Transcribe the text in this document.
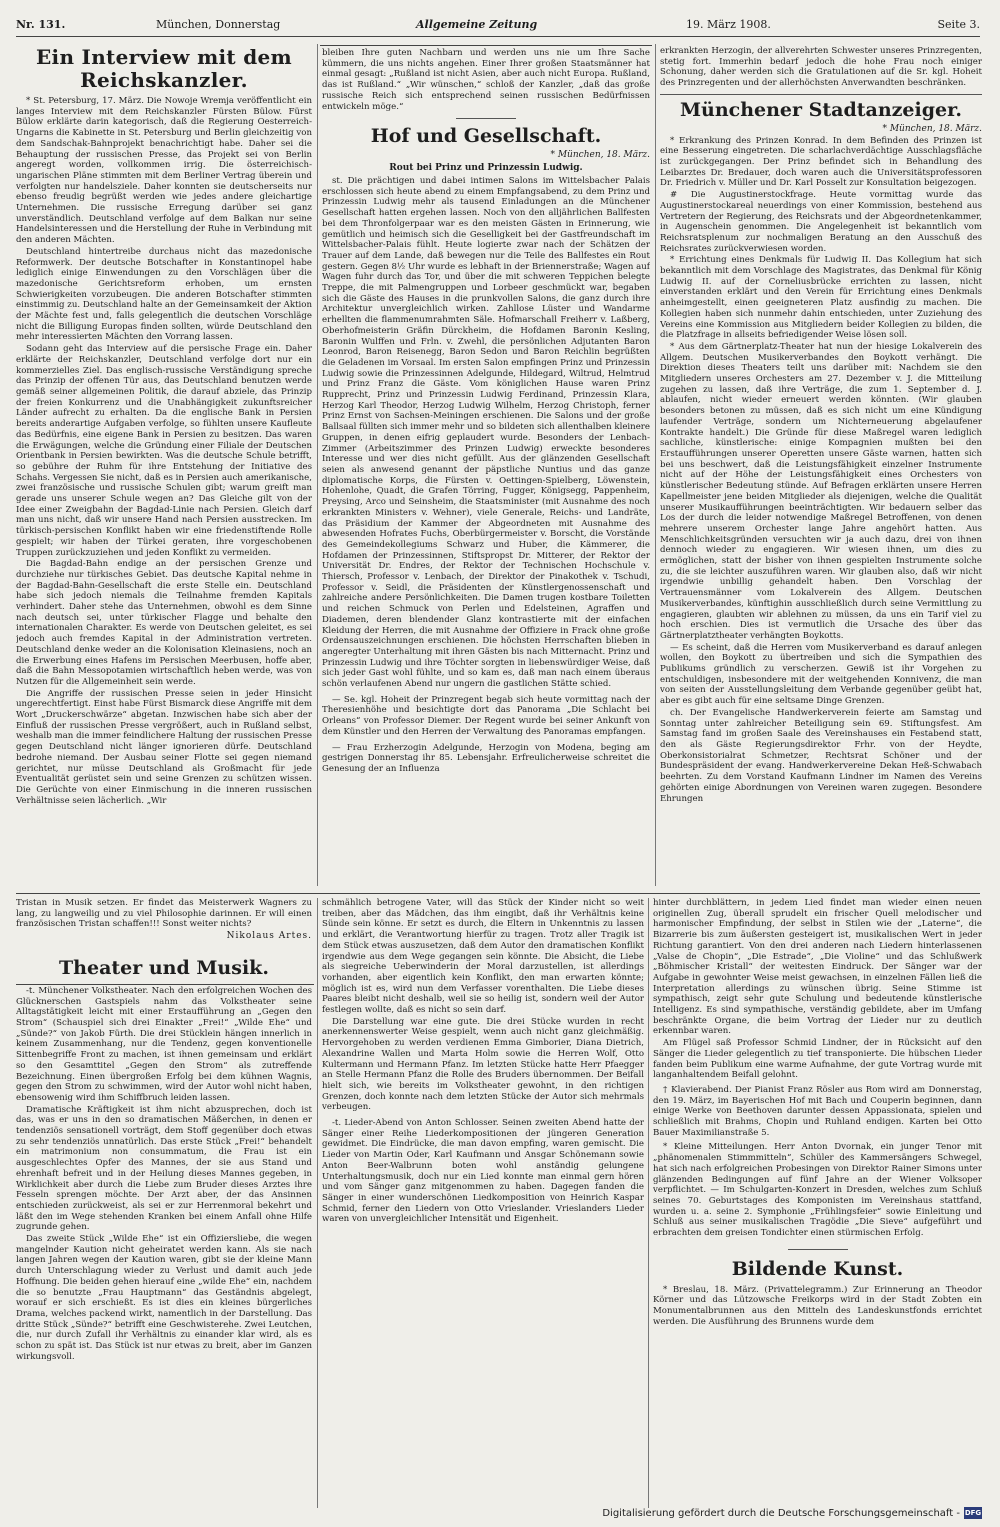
Nr. 131.	München, Donnerstag	Allgemeine Zeitung	19. März 1908.	Seite 3.
Ein Interview mit dem Reichskanzler.

* St. Petersburg, 17. März. Die Nowoje Wremja veröffentlicht ein langes Interview mit dem Reichskanzler Fürsten Bülow. Fürst Bülow erklärte darin kategorisch, daß die Regierung Oesterreich-Ungarns die Kabinette in St. Petersburg und Berlin gleichzeitig von dem Sandschak-Bahnprojekt benachrichtigt habe. Daher sei die Behauptung der russischen Presse, das Projekt sei von Berlin angeregt worden, vollkommen irrig. Die österreichisch-ungarischen Pläne stimmten mit dem Berliner Vertrag überein und verfolgten nur handelsziele. Daher konnten sie deutscherseits nur ebenso freudig begrüßt werden wie jedes andere gleichartige Unternehmen. Die russische Erregung darüber sei ganz unverständlich. Deutschland verfolge auf dem Balkan nur seine Handelsinteressen und die Herstellung der Ruhe in Verbindung mit den anderen Mächten.

Deutschland hintertreibe durchaus nicht das mazedonische Reformwerk. Der deutsche Botschafter in Konstantinopel habe lediglich einige Einwendungen zu den Vorschlägen über die mazedonische Gerichtsreform erhoben, um ernsten Schwierigkeiten vorzubeugen. Die anderen Botschafter stimmten einstimmig zu. Deutschland halte an der Gemeinsamkeit der Aktion der Mächte fest und, falls gelegentlich die deutschen Vorschläge nicht die Billigung Europas finden sollten, würde Deutschland den mehr interessierten Mächten den Vorrang lassen.

Sodann geht das Interview auf die persische Frage ein. Daher erklärte der Reichskanzler, Deutschland verfolge dort nur ein kommerzielles Ziel. Das englisch-russische Verständigung spreche das Prinzip der offenen Tür aus, das Deutschland benutzen werde gemäß seiner allgemeinen Politik, die darauf abziele, das Prinzip der freien Konkurrenz und die Unabhängigkeit zukunftsreicher Länder aufrecht zu erhalten. Da die englische Bank in Persien bereits anderartige Aufgaben verfolge, so fühlten unsere Kaufleute das Bedürfnis, eine eigene Bank in Persien zu besitzen. Das waren die Erwägungen, welche die Gründung einer Filiale der Deutschen Orientbank in Persien bewirkten. Was die deutsche Schule betrifft, so gebühre der Ruhm für ihre Entstehung der Initiative des Schahs. Vergessen Sie nicht, daß es in Persien auch amerikanische, zwei französische und russische Schulen gibt; warum greift man gerade uns unserer Schule wegen an? Das Gleiche gilt von der Idee einer Zweigbahn der Bagdad-Linie nach Persien. Gleich darf man uns nicht, daß wir unsere Hand nach Persien ausstrecken. Im türkisch-persischen Konflikt haben wir eine friedenstiftende Rolle gespielt; wir haben der Türkei geraten, ihre vorgeschobenen Truppen zurückzuziehen und jeden Konflikt zu vermeiden.

Die Bagdad-Bahn endige an der persischen Grenze und durchziehe nur türkisches Gebiet. Das deutsche Kapital nehme in der Bagdad-Bahn-Gesellschaft die erste Stelle ein. Deutschland habe sich jedoch niemals die Teilnahme fremden Kapitals verhindert. Daher stehe das Unternehmen, obwohl es dem Sinne nach deutsch sei, unter türkischer Flagge und behalte den internationalen Charakter. Es werde von Deutschen geleitet, es sei jedoch auch fremdes Kapital in der Administration vertreten. Deutschland denke weder an die Kolonisation Kleinasiens, noch an die Erwerbung eines Hafens im Persischen Meerbusen, hoffe aber, daß die Bahn Messopotamien wirtschaftlich heben werde, was von Nutzen für die Allgemeinheit sein werde.

Die Angriffe der russischen Presse seien in jeder Hinsicht ungerechtfertigt. Einst habe Fürst Bismarck diese Angriffe mit dem Wort „Druckerschwärze“ abgetan. Inzwischen habe sich aber der Einfluß der russischen Presse vergrößert, auch in Rußland selbst, weshalb man die immer feindlichere Haltung der russischen Presse gegen Deutschland nicht länger ignorieren dürfe. Deutschland bedrohe niemand. Der Ausbau seiner Flotte sei gegen niemand gerichtet, nur müsse Deutschland als Großmacht für jede Eventualität gerüstet sein und seine Grenzen zu schützen wissen. Die Gerüchte von einer Einmischung in die inneren russischen Verhältnisse seien lächerlich. „Wir

bleiben Ihre guten Nachbarn und werden uns nie um Ihre Sache kümmern, die uns nichts angehen. Einer Ihrer großen Staatsmänner hat einmal gesagt: „Rußland ist nicht Asien, aber auch nicht Europa. Rußland, das ist Rußland.“ „Wir wünschen,“ schloß der Kanzler, „daß das große russische Reich sich entsprechend seinen russischen Bedürfnissen entwickeln möge.“

Hof und Gesellschaft.
* München, 18. März.
Rout bei Prinz und Prinzessin Ludwig.

st. Die prächtigen und dabei intimen Salons im Wittelsbacher Palais erschlossen sich heute abend zu einem Empfangsabend, zu dem Prinz und Prinzessin Ludwig mehr als tausend Einladungen an die Münchener Gesellschaft hatten ergehen lassen. Noch von den alljährlichen Ballfesten bei dem Thronfolgerpaar war es den meisten Gästen in Erinnerung, wie gemütlich und heimisch sich die Geselligkeit bei der Gastfreundschaft im Wittelsbacher-Palais fühlt. Heute logierte zwar nach der Schätzen der Trauer auf dem Lande, daß bewegen nur die Teile des Ballfestes ein Rout gestern. Gegen 8½ Uhr wurde es lebhaft in der Briennerstraße; Wagen auf Wagen fuhr durch das Tor, und über die mit schweren Teppichen belegte Treppe, die mit Palmengruppen und Lorbeer geschmückt war, begaben sich die Gäste des Hauses in die prunkvollen Salons, die ganz durch ihre Architektur unvergleichlich wirken. Zahllose Lüster und Wandarme erhellten die flammenumrahmten Säle. Hofmarschall Freiherr v. Laßberg, Oberhofmeisterin Gräfin Dürckheim, die Hofdamen Baronin Kesling, Baronin Wulffen und Frln. v. Zwehl, die persönlichen Adjutanten Baron Leonrod, Baron Reisenegg, Baron Sedon und Baron Reichlin begrüßten die Geladenen im Vorsaal. Im ersten Salon empfingen Prinz und Prinzessin Ludwig sowie die Prinzessinnen Adelgunde, Hildegard, Wiltrud, Helmtrud und Prinz Franz die Gäste. Vom königlichen Hause waren Prinz Rupprecht, Prinz und Prinzessin Ludwig Ferdinand, Prinzessin Klara, Herzog Karl Theodor, Herzog Ludwig Wilhelm, Herzog Christoph, ferner Prinz Ernst von Sachsen-Meiningen erschienen. Die Salons und der große Ballsaal füllten sich immer mehr und so bildeten sich allenthalben kleinere Gruppen, in denen eifrig geplaudert wurde. Besonders der Lenbach-Zimmer (Arbeitszimmer des Prinzen Ludwig) erweckte besonderes Interesse und wer dies nicht gefüllt. Aus der glänzenden Gesellschaft seien als anwesend genannt der päpstliche Nuntius und das ganze diplomatische Korps, die Fürsten v. Oettingen-Spielberg, Löwenstein, Hohenlohe, Quadt, die Grafen Törring, Fugger, Königsegg, Pappenheim, Preysing, Arco und Seinsheim, die Staatsminister (mit Ausnahme des noch erkrankten Ministers v. Wehner), viele Generale, Reichs- und Landräte, das Präsidium der Kammer der Abgeordneten mit Ausnahme des abwesenden Hofrates Fuchs, Oberbürgermeister v. Borscht, die Vorstände des Gemeindekollegiums Schwarz und Huber, die Kämmerer, die Hofdamen der Prinzessinnen, Stiftspropst Dr. Mitterer, der Rektor der Universität Dr. Endres, der Rektor der Technischen Hochschule v. Thiersch, Professor v. Lenbach, der Direktor der Pinakothek v. Tschudi, Professor v. Seidl, die Präsidenten der Künstlergenossenschaft und zahlreiche andere Persönlichkeiten. Die Damen trugen kostbare Toiletten und reichen Schmuck von Perlen und Edelsteinen, Agraffen und Diademen, deren blendender Glanz kontrastierte mit der einfachen Kleidung der Herren, die mit Ausnahme der Offiziere in Frack ohne große Ordensauszeichnungen erschienen. Die höchsten Herrschaften blieben in angeregter Unterhaltung mit ihren Gästen bis nach Mitternacht. Prinz und Prinzessin Ludwig und ihre Töchter sorgten in liebenswürdiger Weise, daß sich jeder Gast wohl fühlte, und so kam es, daß man nach einem überaus schön verlaufenen Abend nur ungern die gastlichen Stätte schied.

— Se. kgl. Hoheit der Prinzregent begab sich heute vormittag nach der Theresienhöhe und besichtigte dort das Panorama „Die Schlacht bei Orleans“ von Professor Diemer. Der Regent wurde bei seiner Ankunft von dem Künstler und den Herren der Verwaltung des Panoramas empfangen.

— Frau Erzherzogin Adelgunde, Herzogin von Modena, beging am gestrigen Donnerstag ihr 85. Lebensjahr. Erfreulicherweise schreitet die Genesung der an Influenza

erkrankten Herzogin, der allverehrten Schwester unseres Prinzregenten, stetig fort. Immerhin bedarf jedoch die hohe Frau noch einiger Schonung, daher werden sich die Gratulationen auf die Sr. kgl. Hoheit des Prinzregenten und der allerhöchsten Anverwandten beschränken.

Münchener Stadtanzeiger.
* München, 18. März.

* Erkrankung des Prinzen Konrad. In dem Befinden des Prinzen ist eine Besserung eingetreten. Die scharlachverdächtige Ausschlagsfläche ist zurückgegangen. Der Prinz befindet sich in Behandlung des Leibarztes Dr. Bredauer, doch waren auch die Universitätsprofessoren Dr. Friedrich v. Müller und Dr. Karl Posselt zur Konsultation beigezogen.

# Die Augustinerstockfrage. Heute vormittag wurde das Augustinerstockareal neuerdings von einer Kommission, bestehend aus Vertretern der Regierung, des Reichsrats und der Abgeordnetenkammer, in Augenschein genommen. Die Angelegenheit ist bekanntlich vom Reichsratsplenum zur nochmaligen Beratung an den Ausschuß des Reichsrates zurückverwiesen worden.

* Errichtung eines Denkmals für Ludwig II. Das Kollegium hat sich bekanntlich mit dem Vorschlage des Magistrates, das Denkmal für König Ludwig II. auf der Corneliusbrücke errichten zu lassen, nicht einverstanden erklärt und den Verein für Errichtung eines Denkmals anheimgestellt, einen geeigneteren Platz ausfindig zu machen. Die Kollegien haben sich nunmehr dahin entschieden, unter Zuziehung des Vereins eine Kommission aus Mitgliedern beider Kollegien zu bilden, die die Platzfrage in allseits befriedigender Weise lösen soll.

* Aus dem Gärtnerplatz-Theater hat nun der hiesige Lokalverein des Allgem. Deutschen Musikerverbandes den Boykott verhängt. Die Direktion dieses Theaters teilt uns darüber mit: Nachdem sie den Mitgliedern unseres Orchesters am 27. Dezember v. J. die Mitteilung zugehen zu lassen, daß ihre Verträge, die zum 1. September d. J. ablaufen, nicht wieder erneuert werden könnten. (Wir glauben besonders betonen zu müssen, daß es sich nicht um eine Kündigung laufender Verträge, sondern um Nichterneuerung abgelaufener Kontrakte handelt.) Die Gründe für diese Maßregel waren lediglich sachliche, künstlerische: einige Kompagnien mußten bei den Erstaufführungen unserer Operetten unsere Gäste warnen, hatten sich bei uns beschwert, daß die Leistungsfähigkeit einzelner Instrumente nicht auf der Höhe der Leistungsfähigkeit eines Orchesters von künstlerischer Bedeutung stünde. Auf Befragen erklärten unsere Herren Kapellmeister jene beiden Mitglieder als diejenigen, welche die Qualität unserer Musikaufführungen beeinträchtigten. Wir bedauern selber das Los der durch die leider notwendige Maßregel Betroffenen, von denen mehrere unserem Orchester lange Jahre angehört hatten. Aus Menschlichkeitsgründen versuchten wir ja auch dazu, drei von ihnen dennoch wieder zu engagieren. Wir wiesen ihnen, um dies zu ermöglichen, statt der bisher von ihnen gespielten Instrumente solche zu, die sie leichter auszuführen waren. Wir glauben also, daß wir nicht irgendwie unbillig gehandelt haben. Den Vorschlag der Vertrauensmänner vom Lokalverein des Allgem. Deutschen Musikerverbandes, künftighin ausschließlich durch seine Vermittlung zu engagieren, glaubten wir ablehnen zu müssen, da uns ein Tarif viel zu hoch erschien. Dies ist vermutlich die Ursache des über das Gärtnerplatztheater verhängten Boykotts.

— Es scheint, daß die Herren vom Musikerverband es darauf anlegen wollen, den Boykott zu übertreiben und sich die Sympathien des Publikums gründlich zu verscherzen. Gewiß ist ihr Vorgehen zu entschuldigen, insbesondere mit der weitgehenden Konnivenz, die man von seiten der Ausstellungsleitung dem Verbande gegenüber geübt hat, aber es gibt auch für eine seltsame Dinge Grenzen.

ch. Der Evangelische Handwerkerverein feierte am Samstag und Sonntag unter zahlreicher Beteiligung sein 69. Stiftungsfest. Am Samstag fand im großen Saale des Vereinshauses ein Festabend statt, den als Gäste Regierungsdirektor Frhr. von der Heydte, Oberkonsistorialrat Schmetzer, Rechtsrat Schöner und der Bundespräsident der evang. Handwerkervereine Dekan Heß-Schwabach beehrten. Zu dem Vorstand Kaufmann Lindner im Namen des Vereins gehörten einige Abordnungen von Vereinen waren zugegen. Besondere Ehrungen

Tristan in Musik setzen. Er findet das Meisterwerk Wagners zu lang, zu langweilig und zu viel Philosophie darinnen. Er will einen französischen Tristan schaffen!!! Sonst weiter nichts?

Nikolaus Artes.
Theater und Musik.

-t. Münchener Volkstheater. Nach den erfolgreichen Wochen des Glücknerschen Gastspiels nahm das Volkstheater seine Alltagstätigkeit leicht mit einer Erstaufführung an „Gegen den Strom“ (Schauspiel sich drei Einakter „Frei!“ „Wilde Ehe“ und „Sünde?“ von Jakob Fürth. Die drei Stücklein hängen innerlich in keinem Zusammenhang, nur die Tendenz, gegen konventionelle Sittenbegriffe Front zu machen, ist ihnen gemeinsam und erklärt so den Gesamttitel „Gegen den Strom“ als zutreffende Bezeichnung. Einen übergroßen Erfolg bei dem kühnen Wagnis, gegen den Strom zu schwimmen, wird der Autor wohl nicht haben, ebensowenig wird ihm Schiffbruch leiden lassen.

Dramatische Kräftigkeit ist ihm nicht abzusprechen, doch ist das, was er uns in den so dramatischen Mäßerchen, in denen er tendenziös sensationell vorträgt, dem Stoff gegenüber doch etwas zu sehr tendenziös unnatürlich. Das erste Stück „Frei!“ behandelt ein matrimonium non consummatum, die Frau ist ein ausgeschlechtes Opfer des Mannes, der sie aus Stand und ehrenhaft befreit und in der Heilung dieses Mannes gegeben, in Wirklichkeit aber durch die Liebe zum Bruder dieses Arztes ihre Fesseln sprengen möchte. Der Arzt aber, der das Ansinnen entschieden zurückweist, als sei er zur Herrenmoral bekehrt und läßt den im Wege stehenden Kranken bei einem Anfall ohne Hilfe zugrunde gehen.

Das zweite Stück „Wilde Ehe“ ist ein Offiziersliebe, die wegen mangelnder Kaution nicht geheiratet werden kann. Als sie nach langen Jahren wegen der Kaution waren, gibt sie der kleine Mann durch Unterschlagung wieder zu Verlust und damit auch jede Hoffnung. Die beiden gehen hierauf eine „wilde Ehe“ ein, nachdem die so benutzte „Frau Hauptmann“ das Geständnis abgelegt, worauf er sich erschießt. Es ist dies ein kleines bürgerliches Drama, welches packend wirkt, namentlich in der Darstellung. Das dritte Stück „Sünde?“ betrifft eine Geschwisterehe. Zwei Leutchen, die, nur durch Zufall ihr Verhältnis zu einander klar wird, als es schon zu spät ist. Das Stück ist nur etwas zu breit, aber im Ganzen wirkungsvoll.

schmählich betrogene Vater, will das Stück der Kinder nicht so weit treiben, aber das Mädchen, das ihm eingibt, daß ihr Verhältnis keine Sünde sein könne. Er setzt es durch, die Eltern in Unkenntnis zu lassen und erklärt, die Verantwortung hierfür zu tragen. Trotz aller Tragik ist dem Stück etwas auszusetzen, daß dem Autor den dramatischen Konflikt irgendwie aus dem Wege gegangen sein könnte. Die Absicht, die Liebe als siegreiche Ueberwinderin der Moral darzustellen, ist allerdings vorhanden, aber eigentlich kein Konflikt, den man erwarten könnte; möglich ist es, wird nun dem Verfasser vorenthalten. Die Liebe dieses Paares bleibt nicht deshalb, weil sie so heilig ist, sondern weil der Autor festlegen wollte, daß es nicht so sein darf.

Die Darstellung war eine gute. Die drei Stücke wurden in recht anerkennenswerter Weise gespielt, wenn auch nicht ganz gleichmäßig. Hervorgehoben zu werden verdienen Emma Gimborier, Diana Dietrich, Alexandrine Wallen und Marta Holm sowie die Herren Wolf, Otto Kultermann und Hermann Pfanz. Im letzten Stücke hatte Herr Pfaegger an Stelle Hermann Pfanz die Rolle des Bruders übernommen. Der Beifall hielt sich, wie bereits im Volkstheater gewohnt, in den richtigen Grenzen, doch konnte nach dem letzten Stücke der Autor sich mehrmals verbeugen.

-t. Lieder-Abend von Anton Schlosser. Seinen zweiten Abend hatte der Sänger einer Reihe Liederkompositionen der jüngeren Generation gewidmet. Die Eindrücke, die man davon empfing, waren gemischt. Die Lieder von Martin Oder, Karl Kaufmann und Ansgar Schönemann sowie Anton Beer-Walbrunn boten wohl anständig gelungene Unterhaltungsmusik, doch nur ein Lied konnte man einmal gern hören und vom Sänger ganz mitgenommen zu haben. Dagegen fanden die Sänger in einer wunderschönen Liedkomposition von Heinrich Kaspar Schmid, ferner den Liedern von Otto Vrieslander. Vrieslanders Lieder waren von unvergleichlicher Intensität und Eigenheit.

hinter durchblättern, in jedem Lied findet man wieder einen neuen originellen Zug, überall sprudelt ein frischer Quell melodischer und harmonischer Empfindung, der selbst in Stilen wie der „Laterne“, die Bizarrerie bis zum äußersten gesteigert ist, musikalischen Wert in jeder Richtung garantiert. Von den drei anderen nach Liedern hinterlassenen „Valse de Chopin“, „Die Estrade“, „Die Violine“ und das Schlußwerk „Böhmischer Kristall“ der weitesten Eindruck. Der Sänger war der Aufgabe in gewohnter Weise meist gewachsen, in einzelnen Fällen ließ die Interpretation allerdings zu wünschen übrig. Seine Stimme ist sympathisch, zeigt sehr gute Schulung und bedeutende künstlerische Intelligenz. Es sind sympathische, verständig gebildete, aber im Umfang beschränkte Organe, die beim Vortrag der Lieder nur zu deutlich erkennbar waren.

Am Flügel saß Professor Schmid Lindner, der in Rücksicht auf den Sänger die Lieder gelegentlich zu tief transponierte. Die hübschen Lieder fanden beim Publikum eine warme Aufnahme, der gute Vortrag wurde mit langanhaltendem Beifall gelohnt.

† Klavierabend. Der Pianist Franz Rösler aus Rom wird am Donnerstag, den 19. März, im Bayerischen Hof mit Bach und Couperin beginnen, dann einige Werke von Beethoven darunter dessen Appassionata, spielen und schließlich mit Brahms, Chopin und Ruhland endigen. Karten bei Otto Bauer Maximilianstraße 5.

* Kleine Mitteilungen. Herr Anton Dvornak, ein junger Tenor mit „phänomenalen Stimmmitteln“, Schüler des Kammersängers Schwegel, hat sich nach erfolgreichen Probesingen von Direktor Rainer Simons unter glänzenden Bedingungen auf fünf Jahre an der Wiener Volksoper verpflichtet. — Im Schulgarten-Konzert in Dresden, welches zum Schluß seines 70. Geburtstages des Komponisten im Vereinshaus stattfand, wurden u. a. seine 2. Symphonie „Frühlingsfeier“ sowie Einleitung und Schluß aus seiner musikalischen Tragödie „Die Sieve“ aufgeführt und erbrachten dem greisen Tondichter einen stürmischen Erfolg.

Bildende Kunst.

* Breslau, 18. März. (Privattelegramm.) Zur Erinnerung an Theodor Körner und das Lützowsche Freikorps wird in der Stadt Zobten ein Monumentalbrunnen aus den Mitteln des Landeskunstfonds errichtet werden. Die Ausführung des Brunnens wurde dem

Digitalisierung gefördert durch die Deutsche Forschungsgemeinschaft - DFG
